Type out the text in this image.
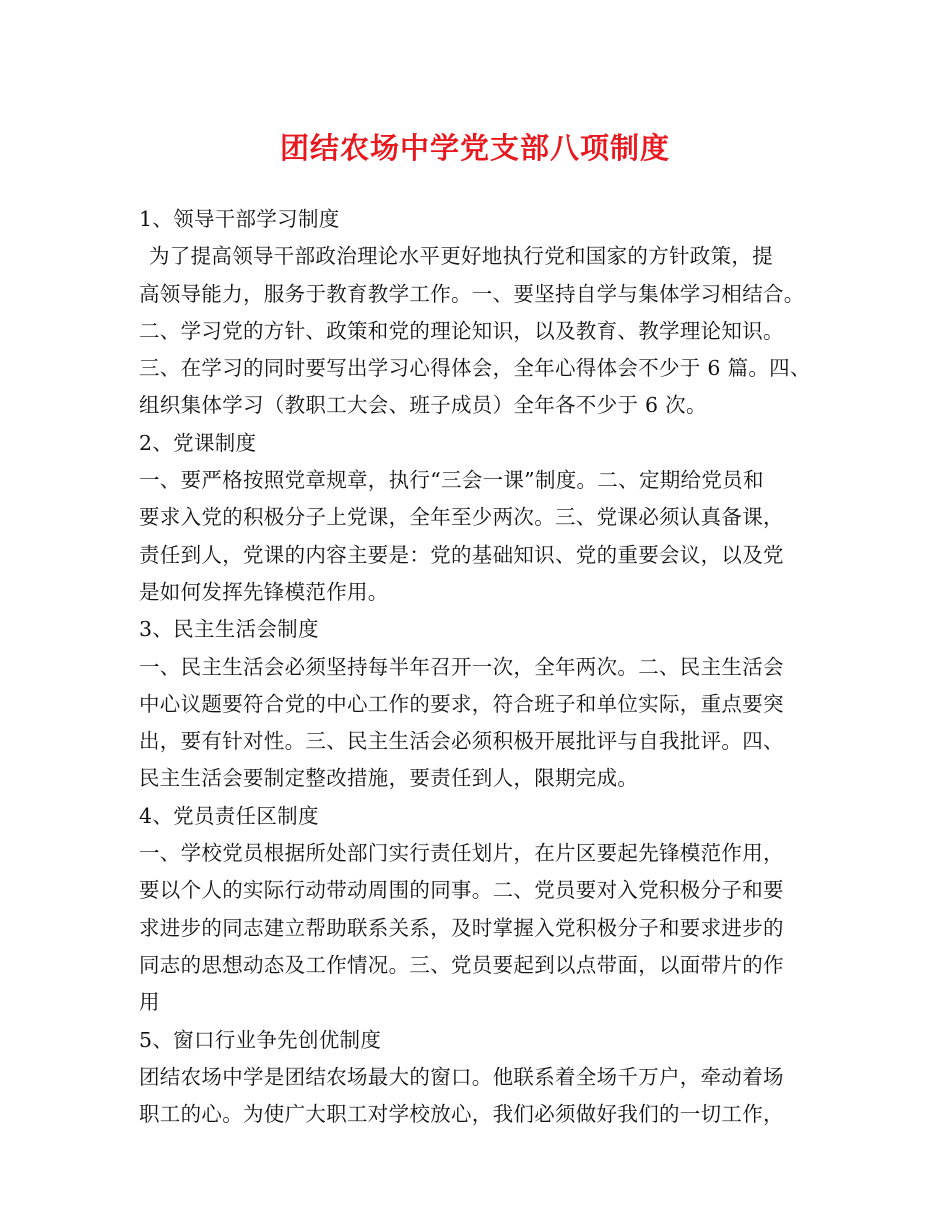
团结农场中学党支部八项制度
1、领导干部学习制度
为了提高领导干部政治理论水平更好地执行党和国家的方针政策，提
高领导能力，服务于教育教学工作。一、要坚持自学与集体学习相结合。
二、学习党的方针、政策和党的理论知识，以及教育、教学理论知识。
三、在学习的同时要写出学习心得体会，全年心得体会不少于 6 篇。四、
组织集体学习（教职工大会、班子成员）全年各不少于 6 次。
2、党课制度
一、要严格按照党章规章，执行“三会一课”制度。二、定期给党员和
要求入党的积极分子上党课，全年至少两次。三、党课必须认真备课，
责任到人，党课的内容主要是：党的基础知识、党的重要会议，以及党
是如何发挥先锋模范作用。
3、民主生活会制度
一、民主生活会必须坚持每半年召开一次，全年两次。二、民主生活会
中心议题要符合党的中心工作的要求，符合班子和单位实际，重点要突
出，要有针对性。三、民主生活会必须积极开展批评与自我批评。四、
民主生活会要制定整改措施，要责任到人，限期完成。
4、党员责任区制度
一、学校党员根据所处部门实行责任划片，在片区要起先锋模范作用，
要以个人的实际行动带动周围的同事。二、党员要对入党积极分子和要
求进步的同志建立帮助联系关系，及时掌握入党积极分子和要求进步的
同志的思想动态及工作情况。三、党员要起到以点带面，以面带片的作
用
5、窗口行业争先创优制度
团结农场中学是团结农场最大的窗口。他联系着全场千万户，牵动着场
职工的心。为使广大职工对学校放心，我们必须做好我们的一切工作，
